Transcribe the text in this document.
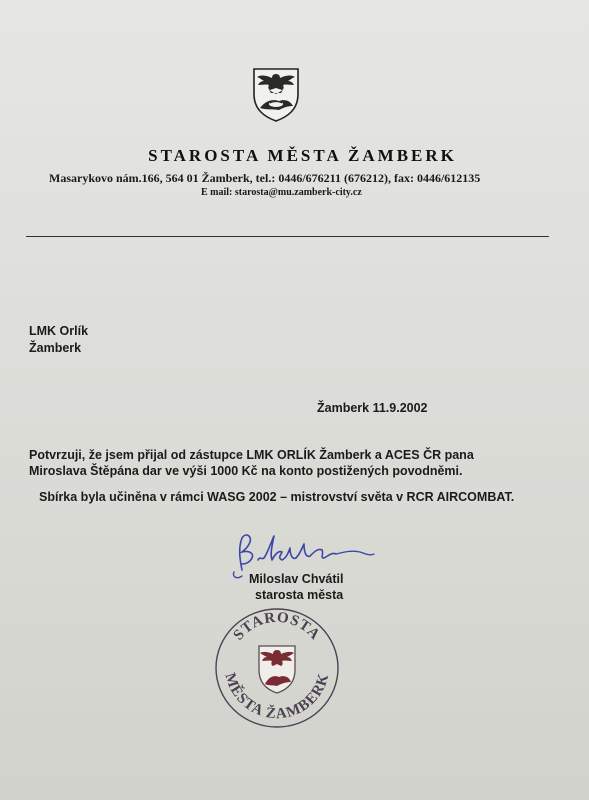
STAROSTA MĚSTA ŽAMBERK
Masarykovo nám.166, 564 01 Žamberk, tel.: 0446/676211 (676212), fax: 0446/612135
E mail: starosta@mu.zamberk-city.cz
LMK Orlík
Žamberk
Žamberk 11.9.2002
Potvrzuji, že jsem přijal od zástupce LMK ORLÍK Žamberk a ACES ČR pana
Miroslava Štěpána dar ve výši 1000 Kč na konto postižených povodněmi.
Sbírka byla učiněna v rámci WASG 2002 – mistrovství světa v RCR AIRCOMBAT.
Miloslav Chvátil
starosta města
STAROSTA
MĚSTA ŽAMBERK
